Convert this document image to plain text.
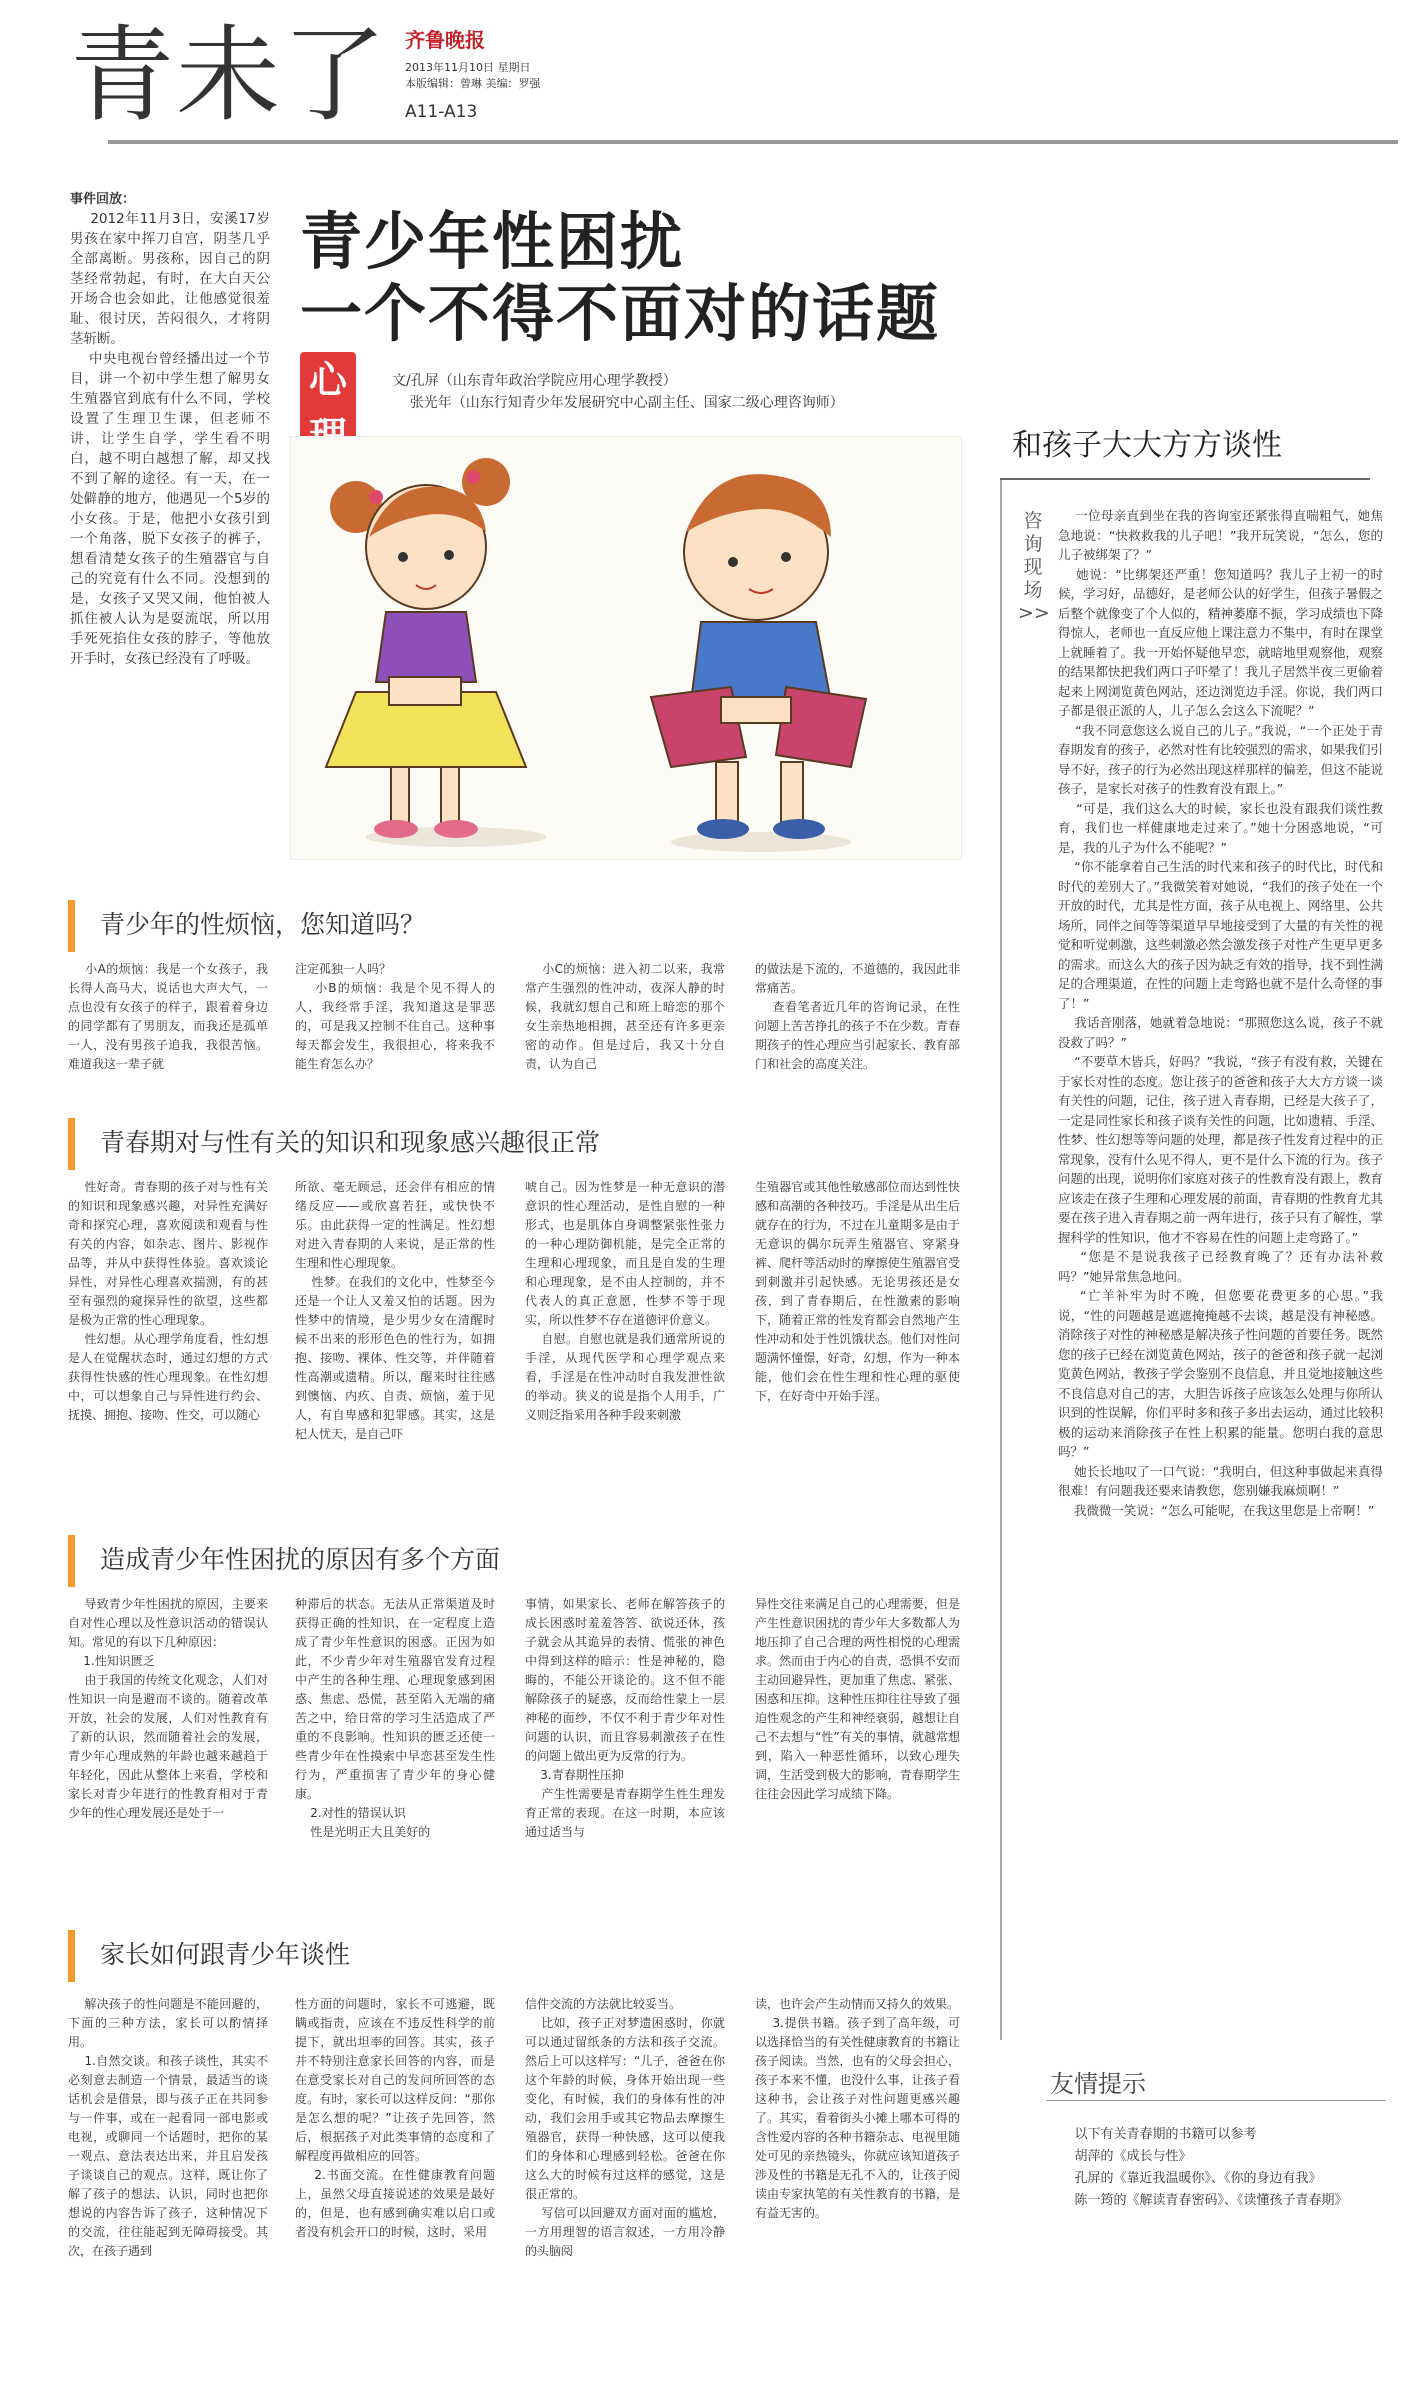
青未了 齐鲁晚报
2013年11月10日 星期日
本版编辑：曾琳 美编：罗强
A11-A13
事件回放：

2012年11月3日，安溪17岁男孩在家中挥刀自宫，阴茎几乎全部离断。男孩称，因自己的阴茎经常勃起，有时，在大白天公开场合也会如此，让他感觉很羞耻、很讨厌，苦闷很久，才将阴茎斩断。
中央电视台曾经播出过一个节目，讲一个初中学生想了解男女生殖器官到底有什么不同，学校设置了生理卫生课，但老师不讲，让学生自学，学生看不明白，越不明白越想了解，却又找不到了解的途径。有一天，在一处僻静的地方，他遇见一个5岁的小女孩。于是，他把小女孩引到一个角落，脱下女孩子的裤子，想看清楚女孩子的生殖器官与自己的究竟有什么不同。没想到的是，女孩子又哭又闹，他怕被人抓住被人认为是耍流氓，所以用手死死掐住女孩的脖子，等他放开手时，女孩已经没有了呼吸。

青少年性困扰
一个不得不面对的话题
心	文/孔屏（山东青年政治学院应用心理学教授）
张光年（山东行知青少年发展研究中心副主任、国家二级心理咨询师）
青少年的性烦恼，您知道吗？

小A的烦恼：我是一个女孩子，我长得人高马大，说话也大声大气，一点也没有女孩子的样子，跟着着身边的同学都有了男朋友，而我还是孤单一人，没有男孩子追我，我很苦恼。难道我这一辈子就

注定孤独一人吗？
小B的烦恼：我是个见不得人的人，我经常手淫，我知道这是罪恶的，可是我又控制不住自己。这种事每天都会发生，我很担心，将来我不能生育怎么办？

小C的烦恼：进入初二以来，我常常产生强烈的性冲动，夜深人静的时候，我就幻想自己和班上暗恋的那个女生亲热地相拥，甚至还有许多更亲密的动作。但是过后，我又十分自责，认为自己

的做法是下流的，不道德的，我因此非常痛苦。
查看笔者近几年的咨询记录，在性问题上苦苦挣扎的孩子不在少数。青春期孩子的性心理应当引起家长、教育部门和社会的高度关注。

青春期对与性有关的知识和现象感兴趣很正常

性好奇。青春期的孩子对与性有关的知识和现象感兴趣，对异性充满好奇和探究心理，喜欢阅读和观看与性有关的内容，如杂志、图片、影视作品等，并从中获得性体验。喜欢谈论异性，对异性心理喜欢揣测，有的甚至有强烈的窥探异性的欲望，这些都是极为正常的性心理现象。
性幻想。从心理学角度看，性幻想是人在觉醒状态时，通过幻想的方式获得性快感的性心理现象。在性幻想中，可以想象自己与异性进行约会、抚摸、拥抱、接吻、性交，可以随心

所欲、毫无顾忌，还会伴有相应的情绪反应——或欣喜若狂，或快快不乐。由此获得一定的性满足。性幻想对进入青春期的人来说，是正常的性生理和性心理现象。
性梦。在我们的文化中，性梦至今还是一个让人又羞又怕的话题。因为性梦中的情境，是少男少女在清醒时候不出来的形形色色的性行为，如拥抱、接吻、裸体、性交等，并伴随着性高潮或遗精。所以，醒来时往往感到懊恼、内疚、自责、烦恼，羞于见人，有自卑感和犯罪感。其实，这是杞人忧天，是自己吓

唬自己。因为性梦是一种无意识的潜意识的性心理活动，是性自慰的一种形式，也是肌体自身调整紧张性张力的一种心理防御机能，是完全正常的生理和心理现象，而且是自发的生理和心理现象，是不由人控制的，并不代表人的真正意愿，性梦不等于现实，所以性梦不存在道德评价意义。
自慰。自慰也就是我们通常所说的手淫，从现代医学和心理学观点来看，手淫是在性冲动时自我发泄性欲的举动。狭义的说是指个人用手，广义则泛指采用各种手段来刺激

生殖器官或其他性敏感部位而达到性快感和高潮的各种技巧。手淫是从出生后就存在的行为，不过在儿童期多是由于无意识的偶尔玩弄生殖器官、穿紧身裤、爬杆等活动时的摩擦使生殖器官受到刺激并引起快感。无论男孩还是女孩，到了青春期后，在性激素的影响下，随着正常的性发育都会自然地产生性冲动和处于性饥饿状态。他们对性问题满怀憧憬，好奇，幻想，作为一种本能，他们会在性生理和性心理的驱使下，在好奇中开始手淫。

造成青少年性困扰的原因有多个方面

导致青少年性困扰的原因，主要来自对性心理以及性意识活动的错误认知。常见的有以下几种原因：
1.性知识匮乏
由于我国的传统文化观念，人们对性知识一向是避而不谈的。随着改革开放，社会的发展，人们对性教育有了新的认识，然而随着社会的发展，青少年心理成熟的年龄也越来越趋于年轻化，因此从整体上来看，学校和家长对青少年进行的性教育相对于青少年的性心理发展还是处于一

种滞后的状态。无法从正常渠道及时获得正确的性知识，在一定程度上造成了青少年性意识的困惑。正因为如此，不少青少年对生殖器官发育过程中产生的各种生理、心理现象感到困惑、焦虑、恐慌，甚至陷入无端的痛苦之中，给日常的学习生活造成了严重的不良影响。性知识的匮乏还使一些青少年在性摸索中早恋甚至发生性行为，严重损害了青少年的身心健康。
2.对性的错误认识
性是光明正大且美好的

事情，如果家长、老师在解答孩子的成长困惑时羞羞答答、欲说还休，孩子就会从其诡异的表情、慌张的神色中得到这样的暗示：性是神秘的，隐晦的，不能公开谈论的。这不但不能解除孩子的疑惑，反而给性蒙上一层神秘的面纱，不仅不利于青少年对性问题的认识，而且容易刺激孩子在性的问题上做出更为反常的行为。
3.青春期性压抑
产生性需要是青春期学生性生理发育正常的表现。在这一时期，本应该通过适当与

异性交往来满足自己的心理需要，但是产生性意识困扰的青少年大多数都人为地压抑了自己合理的两性相悦的心理需求。然而由于内心的自责，恐惧不安而主动回避异性，更加重了焦虑、紧张、困惑和压抑。这种性压抑往往导致了强迫性观念的产生和神经衰弱，越想让自己不去想与“性”有关的事情，就越常想到，陷入一种恶性循环，以致心理失调，生活受到极大的影响，青春期学生往往会因此学习成绩下降。

家长如何跟青少年谈性

解决孩子的性问题是不能回避的，下面的三种方法，家长可以酌情择用。
1.自然交谈。和孩子谈性，其实不必刻意去制造一个情景，最适当的谈话机会是借景，即与孩子正在共同参与一件事，或在一起看同一部电影或电视，或聊同一个话题时，把你的某一观点、意法表达出来，并且启发孩子谈谈自己的观点。这样，既让你了解了孩子的想法、认识，同时也把你想说的内容告诉了孩子，这种情况下的交流，往往能起到无障碍接受。其次，在孩子遇到

性方面的问题时，家长不可逃避，既瞒或指责，应该在不违反性科学的前提下，就出坦率的回答。其实，孩子并不特别注意家长回答的内容，而是在意受家长对自己的发问所回答的态度。有时，家长可以这样反问：“那你是怎么想的呢？”让孩子先回答，然后，根据孩子对此类事情的态度和了解程度再做相应的回答。
2.书面交流。在性健康教育问题上，虽然父母直接说述的效果是最好的，但是，也有感到确实难以启口或者没有机会开口的时候，这时，采用

信件交流的方法就比较妥当。
比如，孩子正对梦遗困惑时，你就可以通过留纸条的方法和孩子交流。然后上可以这样写：“儿子，爸爸在你这个年龄的时候，身体开始出现一些变化，有时候，我们的身体有性的冲动，我们会用手或其它物品去摩擦生殖器官，获得一种快感，这可以使我们的身体和心理感到轻松。爸爸在你这么大的时候有过这样的感觉，这是很正常的。
写信可以回避双方面对面的尴尬，一方用理智的语言叙述，一方用冷静的头脑阅

读，也许会产生动情而又持久的效果。
3.提供书籍。孩子到了高年级，可以选择恰当的有关性健康教育的书籍让孩子阅读。当然，也有的父母会担心，孩子本来不懂，也没什么事，让孩子看这种书，会让孩子对性问题更感兴趣了。其实，看着街头小摊上哪本可得的含性爱内容的各种书籍杂志、电视里随处可见的亲热镜头，你就应该知道孩子涉及性的书籍是无孔不入的，让孩子阅读由专家执笔的有关性教育的书籍，是有益无害的。

和孩子大大方方谈性
咨询现场>>

一位母亲直到坐在我的咨询室还紧张得直喘粗气，她焦急地说：“快救救我的儿子吧！”我开玩笑说，“怎么，您的儿子被绑架了？”
她说：“比绑架还严重！您知道吗？我儿子上初一的时候，学习好，品德好，是老师公认的好学生，但孩子暑假之后整个就像变了个人似的，精神萎靡不振，学习成绩也下降得惊人，老师也一直反应他上课注意力不集中，有时在课堂上就睡着了。我一开始怀疑他早恋，就暗地里观察他，观察的结果都快把我们两口子吓晕了！我儿子居然半夜三更偷着起来上网浏览黄色网站，还边浏览边手淫。你说，我们两口子都是很正派的人，儿子怎么会这么下流呢？”
“我不同意您这么说自己的儿子。”我说，“一个正处于青春期发育的孩子，必然对性有比较强烈的需求，如果我们引导不好，孩子的行为必然出现这样那样的偏差，但这不能说孩子，是家长对孩子的性教育没有跟上。”
“可是，我们这么大的时候，家长也没有跟我们谈性教育，我们也一样健康地走过来了。”她十分困惑地说，“可是，我的儿子为什么不能呢？”
“你不能拿着自己生活的时代来和孩子的时代比，时代和时代的差别大了。”我微笑着对她说，“我们的孩子处在一个开放的时代，尤其是性方面，孩子从电视上、网络里、公共场所，同伴之间等等渠道早早地接受到了大量的有关性的视觉和听觉刺激，这些刺激必然会激发孩子对性产生更早更多的需求。而这么大的孩子因为缺乏有效的指导，找不到性满足的合理渠道，在性的问题上走弯路也就不是什么奇怪的事了！”
我话音刚落，她就着急地说：“那照您这么说，孩子不就没救了吗？”
“不要草木皆兵，好吗？”我说，“孩子有没有救，关键在于家长对性的态度。您让孩子的爸爸和孩子大大方方谈一谈有关性的问题，记住，孩子进入青春期，已经是大孩子了，一定是同性家长和孩子谈有关性的问题，比如遗精、手淫、性梦、性幻想等等问题的处理，都是孩子性发育过程中的正常现象，没有什么见不得人，更不是什么下流的行为。孩子问题的出现，说明你们家庭对孩子的性教育没有跟上，教育应该走在孩子生理和心理发展的前面，青春期的性教育尤其要在孩子进入青春期之前一两年进行，孩子只有了解性，掌握科学的性知识，他才不容易在性的问题上走弯路了。”
“您是不是说我孩子已经教育晚了？还有办法补救吗？”她异常焦急地问。
“亡羊补牢为时不晚，但您要花费更多的心思。”我说，“性的问题越是遮遮掩掩越不去谈，越是没有神秘感。消除孩子对性的神秘感是解决孩子性问题的首要任务。既然您的孩子已经在浏览黄色网站，孩子的爸爸和孩子就一起浏览黄色网站，教孩子学会鉴别不良信息，并且觉地接触这些不良信息对自己的害，大胆告诉孩子应该怎么处理与你所认识到的性误解，你们平时多和孩子多出去运动，通过比较积极的运动来消除孩子在性上积累的能量。您明白我的意思吗？”
她长长地叹了一口气说：“我明白，但这种事做起来真得很难！有问题我还要来请教您，您别嫌我麻烦啊！”
我微微一笑说：“怎么可能呢，在我这里您是上帝啊！”

友情提示

以下有关青春期的书籍可以参考
胡萍的《成长与性》
孔屏的《靠近我温暖你》、《你的身边有我》
陈一筠的《解读青春密码》、《读懂孩子青春期》
